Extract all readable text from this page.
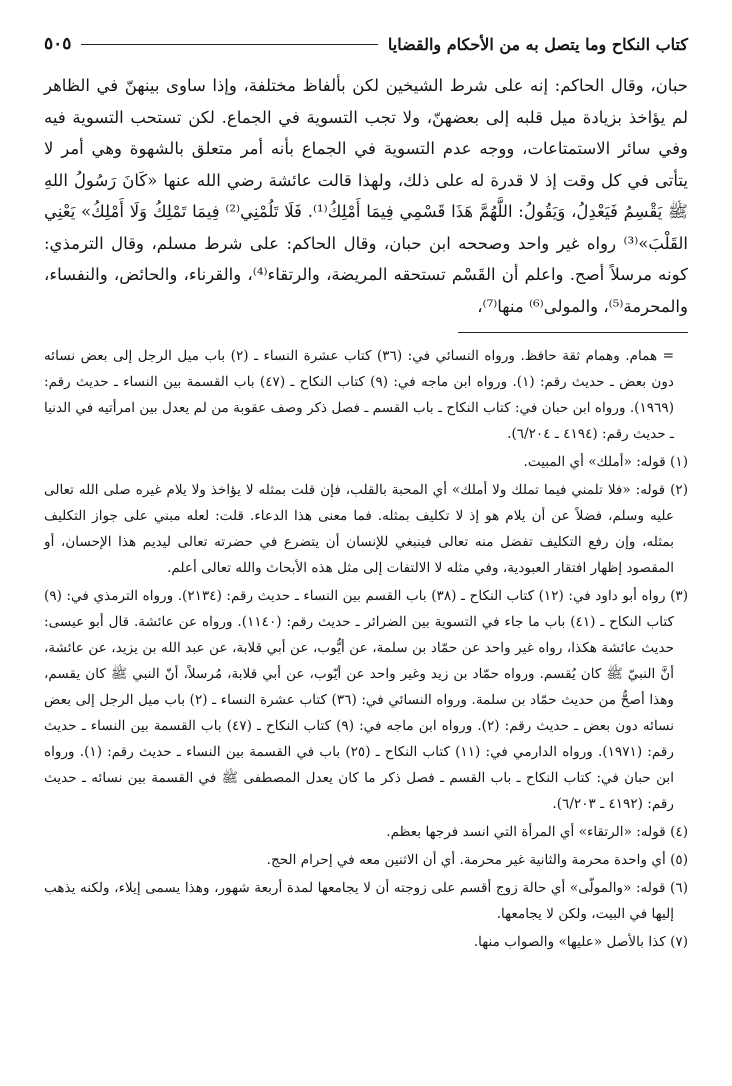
كتاب النكاح وما يتصل به من الأحكام والقضايا
٥٠٥

حبان، وقال الحاكم: إنه على شرط الشيخين لكن بألفاظ مختلفة، وإذا ساوى بينهنّ في الظاهر لم يؤاخذ بزيادة ميل قلبه إلى بعضهنّ، ولا تجب التسوية في الجماع. لكن تستحب التسوية فيه وفي سائر الاستمتاعات، ووجه عدم التسوية في الجماع بأنه أمر متعلق بالشهوة وهي أمر لا يتأتى في كل وقت إذ لا قدرة له على ذلك، ولهذا قالت عائشة رضي الله عنها «كَانَ رَسُولُ اللهِ ﷺ يَقْسِمُ فَيَعْدِلُ، وَيَقُولُ: اللَّهُمَّ هَذَا قَسْمِي فِيمَا أَمْلِكُ⁽¹⁾. فَلَا تَلُمْنِي⁽²⁾ فِيمَا تَمْلِكُ وَلَا أَمْلِكُ» يَعْنِي القَلْبَ»⁽³⁾ رواه غير واحد وصححه ابن حبان، وقال الحاكم: على شرط مسلم، وقال الترمذي: كونه مرسلاً أصح. واعلم أن القَسْم تستحقه المريضة، والرتقاء⁽⁴⁾، والقرناء، والحائض، والنفساء، والمحرمة⁽⁵⁾، والمولى⁽⁶⁾ منها⁽⁷⁾،

= همام. وهمام ثقة حافظ. ورواه النسائي في: (٣٦) كتاب عشرة النساء ـ (٢) باب ميل الرجل إلى بعض نسائه دون بعض ـ حديث رقم: (١). ورواه ابن ماجه في: (٩) كتاب النكاح ـ (٤٧) باب القسمة بين النساء ـ حديث رقم: (١٩٦٩). ورواه ابن حبان في: كتاب النكاح ـ باب القسم ـ فصل ذكر وصف عقوبة من لم يعدل بين امرأتيه في الدنيا ـ حديث رقم: (٤١٩٤ ـ ٦/٢٠٤).

(١) قوله: «أملك» أي المبيت.

(٢) قوله: «فلا تلمني فيما تملك ولا أملك» أي المحبة بالقلب، فإن قلت بمثله لا يؤاخذ ولا يلام غيره صلى الله تعالى عليه وسلم، فضلاً عن أن يلام هو إذ لا تكليف بمثله. فما معنى هذا الدعاء. قلت: لعله مبني على جواز التكليف بمثله، وإن رفع التكليف تفضل منه تعالى فينبغي للإنسان أن يتضرع في حضرته تعالى ليديم هذا الإحسان، أو المقصود إظهار افتقار العبودية، وفي مثله لا الالتفات إلى مثل هذه الأبحاث والله تعالى أعلم.

(٣) رواه أبو داود في: (١٢) كتاب النكاح ـ (٣٨) باب القسم بين النساء ـ حديث رقم: (٢١٣٤). ورواه الترمذي في: (٩) كتاب النكاح ـ (٤١) باب ما جاء في التسوية بين الضرائر ـ حديث رقم: (١١٤٠). ورواه عن عائشة. قال أبو عيسى: حديث عائشة هكذا، رواه غير واحد عن حمّاد بن سلمة، عن أيُّوب، عن أبي قلابة، عن عبد الله بن يزيد، عن عائشة، أنَّ النبيّ ﷺ كان يُقسم. ورواه حمّاد بن زيد وغير واحد عن أيّوب، عن أبي قلابة، مُرسلاً، أنّ النبي ﷺ كان يقسم، وهذا أصحُّ من حديث حمّاد بن سلمة. ورواه النسائي في: (٣٦) كتاب عشرة النساء ـ (٢) باب ميل الرجل إلى بعض نسائه دون بعض ـ حديث رقم: (٢). ورواه ابن ماجه في: (٩) كتاب النكاح ـ (٤٧) باب القسمة بين النساء ـ حديث رقم: (١٩٧١). ورواه الدارمي في: (١١) كتاب النكاح ـ (٢٥) باب في القسمة بين النساء ـ حديث رقم: (١). ورواه ابن حبان في: كتاب النكاح ـ باب القسم ـ فصل ذكر ما كان يعدل المصطفى ﷺ في القسمة بين نسائه ـ حديث رقم: (٤١٩٢ ـ ٦/٢٠٣).

(٤) قوله: «الرتقاء» أي المرأة التي انسد فرجها بعظم.

(٥) أي واحدة محرمة والثانية غير محرمة. أي أن الاثنين معه في إحرام الحج.

(٦) قوله: «والمولّى» أي حالة زوج أقسم على زوجته أن لا يجامعها لمدة أربعة شهور، وهذا يسمى إيلاء، ولكنه يذهب إليها في البيت، ولكن لا يجامعها.

(٧) كذا بالأصل «عليها» والصواب منها.
